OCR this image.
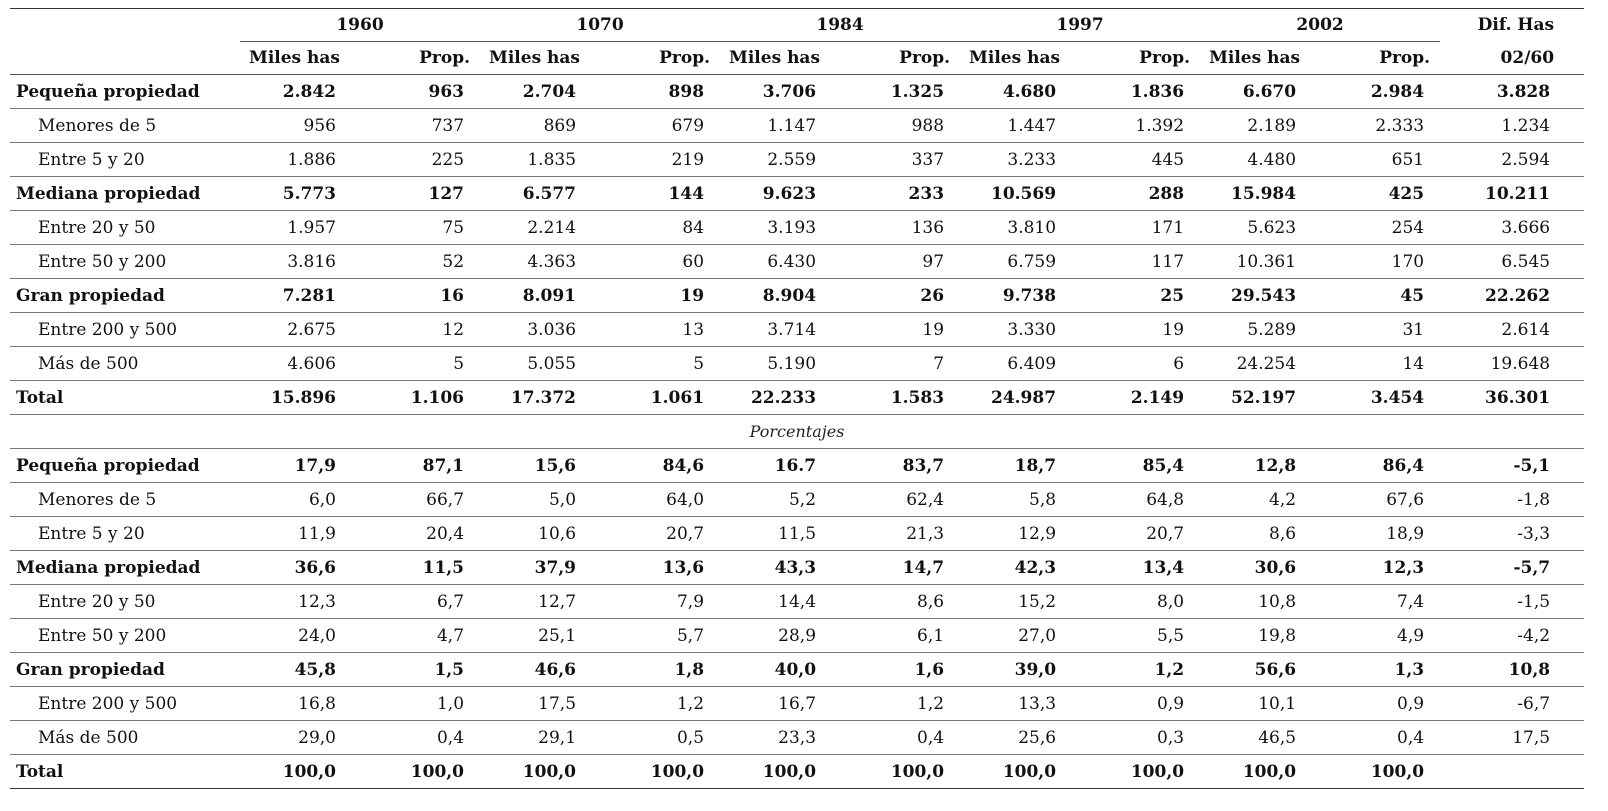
	1960		1070		1984		1997		2002		Dif. Has
	Miles has	Prop.	Miles has	Prop.	Miles has	Prop.	Miles has	Prop.	Miles has	Prop.	02/60
Pequeña propiedad	2.842	963	2.704	898	3.706	1.325	4.680	1.836	6.670	2.984	3.828
Menores de 5	956	737	869	679	1.147	988	1.447	1.392	2.189	2.333	1.234
Entre 5 y 20	1.886	225	1.835	219	2.559	337	3.233	445	4.480	651	2.594
Mediana propiedad	5.773	127	6.577	144	9.623	233	10.569	288	15.984	425	10.211
Entre 20 y 50	1.957	75	2.214	84	3.193	136	3.810	171	5.623	254	3.666
Entre 50 y 200	3.816	52	4.363	60	6.430	97	6.759	117	10.361	170	6.545
Gran propiedad	7.281	16	8.091	19	8.904	26	9.738	25	29.543	45	22.262
Entre 200 y 500	2.675	12	3.036	13	3.714	19	3.330	19	5.289	31	2.614
Más de 500	4.606	5	5.055	5	5.190	7	6.409	6	24.254	14	19.648
Total	15.896	1.106	17.372	1.061	22.233	1.583	24.987	2.149	52.197	3.454	36.301
Porcentajes											
Pequeña propiedad	17,9	87,1	15,6	84,6	16.7	83,7	18,7	85,4	12,8	86,4	-5,1
Menores de 5	6,0	66,7	5,0	64,0	5,2	62,4	5,8	64,8	4,2	67,6	-1,8
Entre 5 y 20	11,9	20,4	10,6	20,7	11,5	21,3	12,9	20,7	8,6	18,9	-3,3
Mediana propiedad	36,6	11,5	37,9	13,6	43,3	14,7	42,3	13,4	30,6	12,3	-5,7
Entre 20 y 50	12,3	6,7	12,7	7,9	14,4	8,6	15,2	8,0	10,8	7,4	-1,5
Entre 50 y 200	24,0	4,7	25,1	5,7	28,9	6,1	27,0	5,5	19,8	4,9	-4,2
Gran propiedad	45,8	1,5	46,6	1,8	40,0	1,6	39,0	1,2	56,6	1,3	10,8
Entre 200 y 500	16,8	1,0	17,5	1,2	16,7	1,2	13,3	0,9	10,1	0,9	-6,7
Más de 500	29,0	0,4	29,1	0,5	23,3	0,4	25,6	0,3	46,5	0,4	17,5
Total	100,0	100,0	100,0	100,0	100,0	100,0	100,0	100,0	100,0	100,0	
